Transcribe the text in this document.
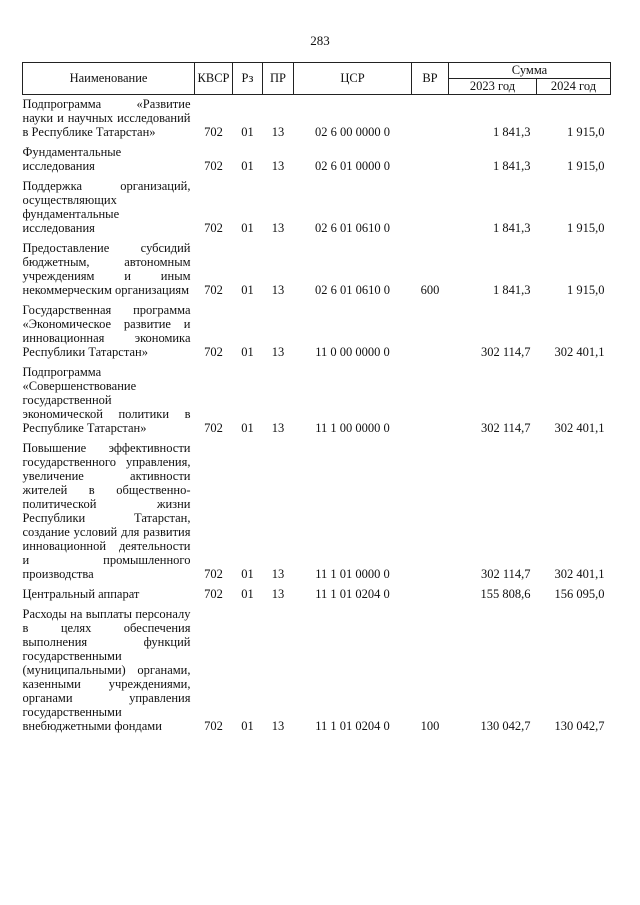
283
Наименование	КВСР	Рз	ПР	ЦСР	ВР	Сумма	
						2023 год	2024 год
Подпрограмма «Развитие науки и научных исследований в Республике Татарстан»	702	01	13	02 6 00 0000 0		1 841,3	1 915,0
Фундаментальные исследования	702	01	13	02 6 01 0000 0		1 841,3	1 915,0
Поддержка организаций, осуществляющих фундаментальные исследования	702	01	13	02 6 01 0610 0		1 841,3	1 915,0
Предоставление субсидий бюджетным, автономным учреждениям и иным некоммерческим организациям	702	01	13	02 6 01 0610 0	600	1 841,3	1 915,0
Государственная программа «Экономическое развитие и инновационная экономика Республики Татарстан»	702	01	13	11 0 00 0000 0		302 114,7	302 401,1
Подпрограмма «Совершенствование государственной экономической политики в Республике Татарстан»	702	01	13	11 1 00 0000 0		302 114,7	302 401,1
Повышение эффективности государственного управления, увеличение активности жителей в общественно-политической жизни Республики Татарстан, создание условий для развития инновационной деятельности и промышленного производства	702	01	13	11 1 01 0000 0		302 114,7	302 401,1
Центральный аппарат	702	01	13	11 1 01 0204 0		155 808,6	156 095,0
Расходы на выплаты персоналу в целях обеспечения выполнения функций государственными (муниципальными) органами, казенными учреждениями, органами управления государственными внебюджетными фондами	702	01	13	11 1 01 0204 0	100	130 042,7	130 042,7
